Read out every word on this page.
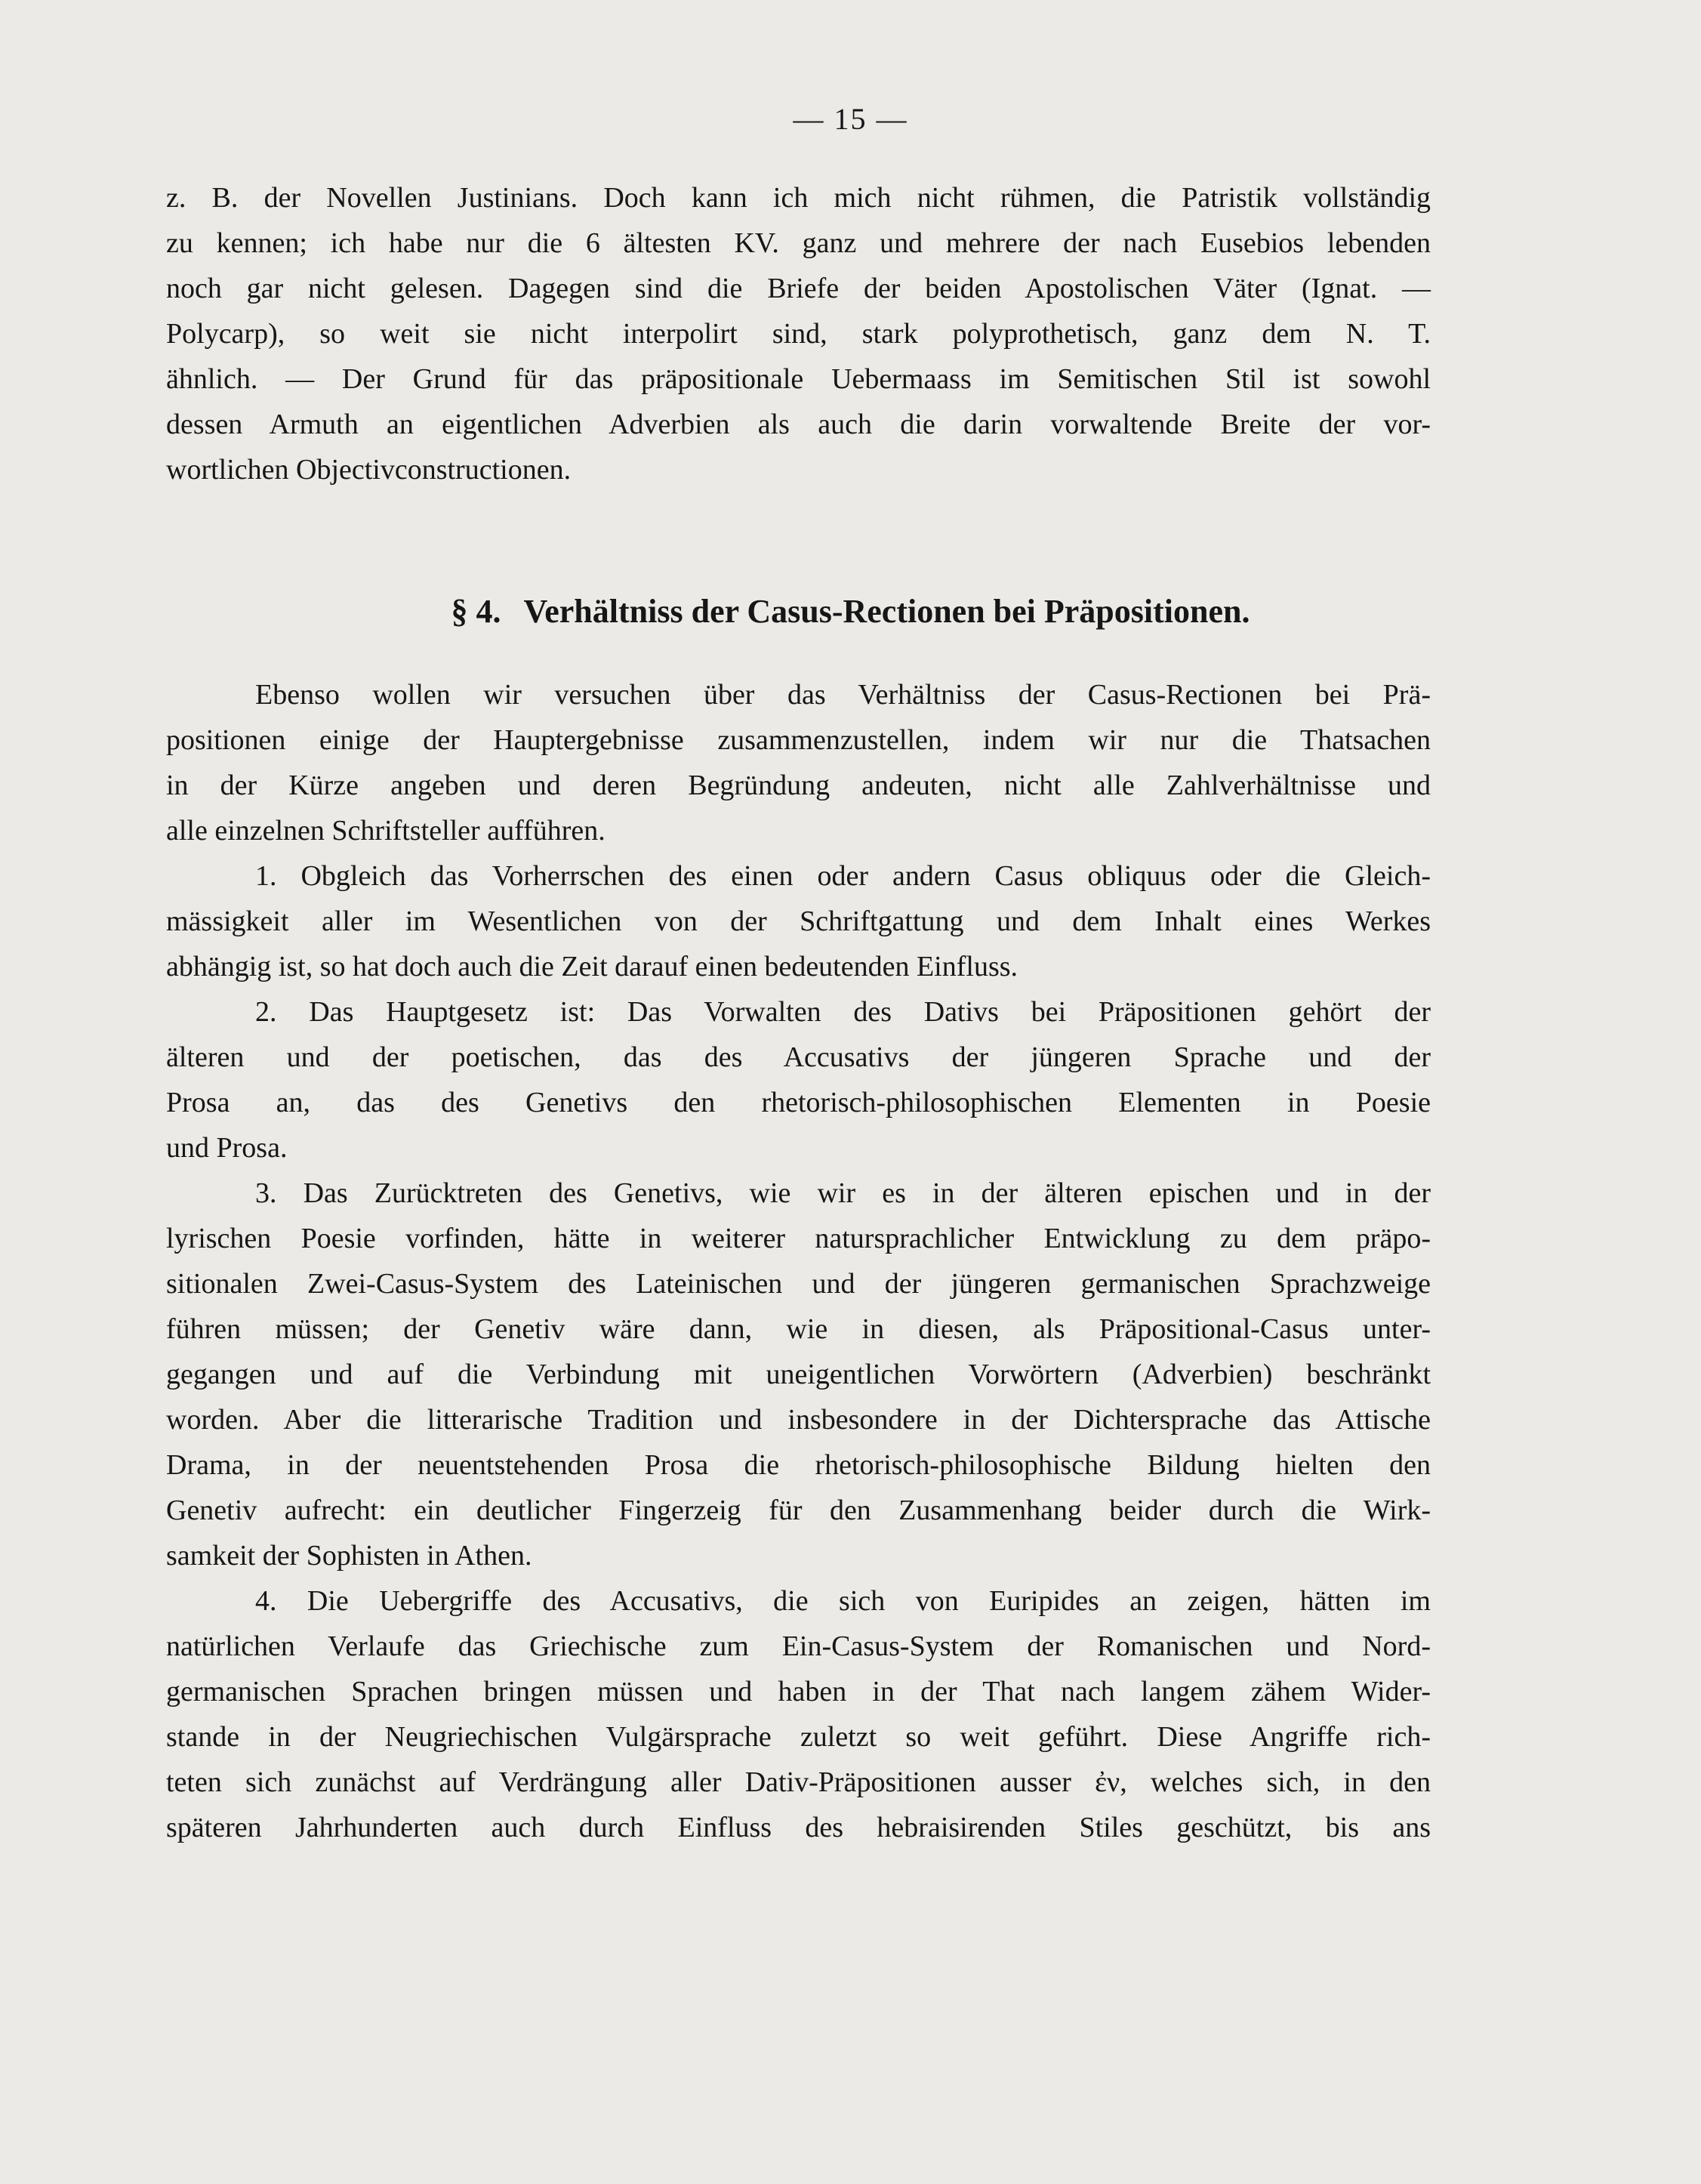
— 15 —
z. B. der Novellen Justinians. Doch kann ich mich nicht rühmen, die Patristik vollständig
zu kennen; ich habe nur die 6 ältesten KV. ganz und mehrere der nach Eusebios lebenden
noch gar nicht gelesen. Dagegen sind die Briefe der beiden Apostolischen Väter (Ignat. —
Polycarp), so weit sie nicht interpolirt sind, stark polyprothetisch, ganz dem N. T.
ähnlich. — Der Grund für das präpositionale Uebermaass im Semitischen Stil ist sowohl
dessen Armuth an eigentlichen Adverbien als auch die darin vorwaltende Breite der vor-
wortlichen Objectivconstructionen.
§ 4. Verhältniss der Casus-Rectionen bei Präpositionen.
Ebenso wollen wir versuchen über das Verhältniss der Casus-Rectionen bei Prä-
positionen einige der Hauptergebnisse zusammenzustellen, indem wir nur die Thatsachen
in der Kürze angeben und deren Begründung andeuten, nicht alle Zahlverhältnisse und
alle einzelnen Schriftsteller aufführen.
1. Obgleich das Vorherrschen des einen oder andern Casus obliquus oder die Gleich-
mässigkeit aller im Wesentlichen von der Schriftgattung und dem Inhalt eines Werkes
abhängig ist, so hat doch auch die Zeit darauf einen bedeutenden Einfluss.
2. Das Hauptgesetz ist: Das Vorwalten des Dativs bei Präpositionen gehört der
älteren und der poetischen, das des Accusativs der jüngeren Sprache und der
Prosa an, das des Genetivs den rhetorisch-philosophischen Elementen in Poesie
und Prosa.
3. Das Zurücktreten des Genetivs, wie wir es in der älteren epischen und in der
lyrischen Poesie vorfinden, hätte in weiterer natursprachlicher Entwicklung zu dem präpo-
sitionalen Zwei-Casus-System des Lateinischen und der jüngeren germanischen Sprachzweige
führen müssen; der Genetiv wäre dann, wie in diesen, als Präpositional-Casus unter-
gegangen und auf die Verbindung mit uneigentlichen Vorwörtern (Adverbien) beschränkt
worden. Aber die litterarische Tradition und insbesondere in der Dichtersprache das Attische
Drama, in der neuentstehenden Prosa die rhetorisch-philosophische Bildung hielten den
Genetiv aufrecht: ein deutlicher Fingerzeig für den Zusammenhang beider durch die Wirk-
samkeit der Sophisten in Athen.
4. Die Uebergriffe des Accusativs, die sich von Euripides an zeigen, hätten im
natürlichen Verlaufe das Griechische zum Ein-Casus-System der Romanischen und Nord-
germanischen Sprachen bringen müssen und haben in der That nach langem zähem Wider-
stande in der Neugriechischen Vulgärsprache zuletzt so weit geführt. Diese Angriffe rich-
teten sich zunächst auf Verdrängung aller Dativ-Präpositionen ausser ἐν, welches sich, in den
späteren Jahrhunderten auch durch Einfluss des hebraisirenden Stiles geschützt, bis ans
